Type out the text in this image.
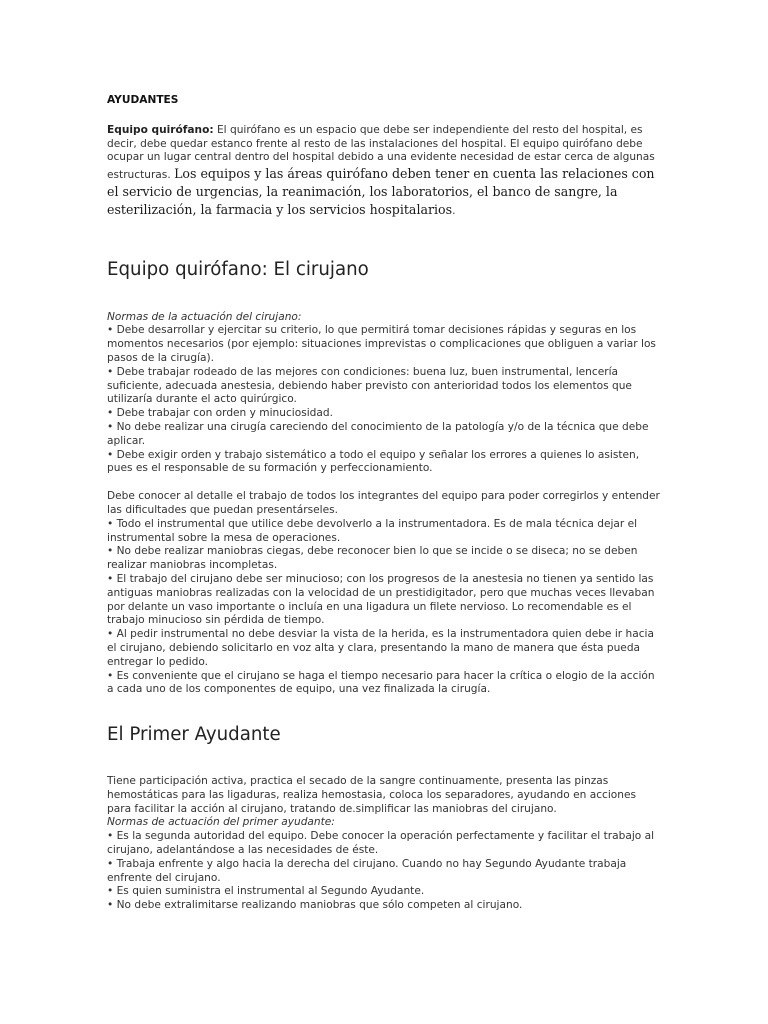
AYUDANTES

Equipo quirófano: El quirófano es un espacio que debe ser independiente del resto del hospital, es decir, debe quedar estanco frente al resto de las instalaciones del hospital. El equipo quirófano debe ocupar un lugar central dentro del hospital debido a una evidente necesidad de estar cerca de algunas estructuras. Los equipos y las áreas quirófano deben tener en cuenta las relaciones con el servicio de urgencias, la reanimación, los laboratorios, el banco de sangre, la esterilización, la farmacia y los servicios hospitalarios.

Equipo quirófano: El cirujano

Normas de la actuación del cirujano:

• Debe desarrollar y ejercitar su criterio, lo que permitirá tomar decisiones rápidas y seguras en los momentos necesarios (por ejemplo: situaciones imprevistas o complicaciones que obliguen a variar los pasos de la cirugía).

• Debe trabajar rodeado de las mejores con condiciones: buena luz, buen instrumental, lencería suficiente, adecuada anestesia, debiendo haber previsto con anterioridad todos los elementos que utilizaría durante el acto quirúrgico.

• Debe trabajar con orden y minuciosidad.

• No debe realizar una cirugía careciendo del conocimiento de la patología y/o de la técnica que debe aplicar.

• Debe exigir orden y trabajo sistemático a todo el equipo y señalar los errores a quienes lo asisten, pues es el responsable de su formación y perfeccionamiento.

Debe conocer al detalle el trabajo de todos los integrantes del equipo para poder corregirlos y entender las dificultades que puedan presentárseles.

• Todo el instrumental que utilice debe devolverlo a la instrumentadora. Es de mala técnica dejar el instrumental sobre la mesa de operaciones.

• No debe realizar maniobras ciegas, debe reconocer bien lo que se incide o se diseca; no se deben realizar maniobras incompletas.

• El trabajo del cirujano debe ser minucioso; con los progresos de la anestesia no tienen ya sentido las antiguas maniobras realizadas con la velocidad de un prestidigitador, pero que muchas veces llevaban por delante un vaso importante o incluía en una ligadura un filete nervioso. Lo recomendable es el trabajo minucioso sin pérdida de tiempo.

• Al pedir instrumental no debe desviar la vista de la herida, es la instrumentadora quien debe ir hacia el cirujano, debiendo solicitarlo en voz alta y clara, presentando la mano de manera que ésta pueda entregar lo pedido.

• Es conveniente que el cirujano se haga el tiempo necesario para hacer la crítica o elogio de la acción a cada uno de los componentes de equipo, una vez finalizada la cirugía.

El Primer Ayudante

Tiene participación activa, practica el secado de la sangre continuamente, presenta las pinzas hemostáticas para las ligaduras, realiza hemostasia, coloca los separadores, ayudando en acciones para facilitar la acción al cirujano, tratando de.simplificar las maniobras del cirujano.

Normas de actuación del primer ayudante:

• Es la segunda autoridad del equipo. Debe conocer la operación perfectamente y facilitar el trabajo al cirujano, adelantándose a las necesidades de éste.

• Trabaja enfrente y algo hacia la derecha del cirujano. Cuando no hay Segundo Ayudante trabaja enfrente del cirujano.

• Es quien suministra el instrumental al Segundo Ayudante.

• No debe extralimitarse realizando maniobras que sólo competen al cirujano.
